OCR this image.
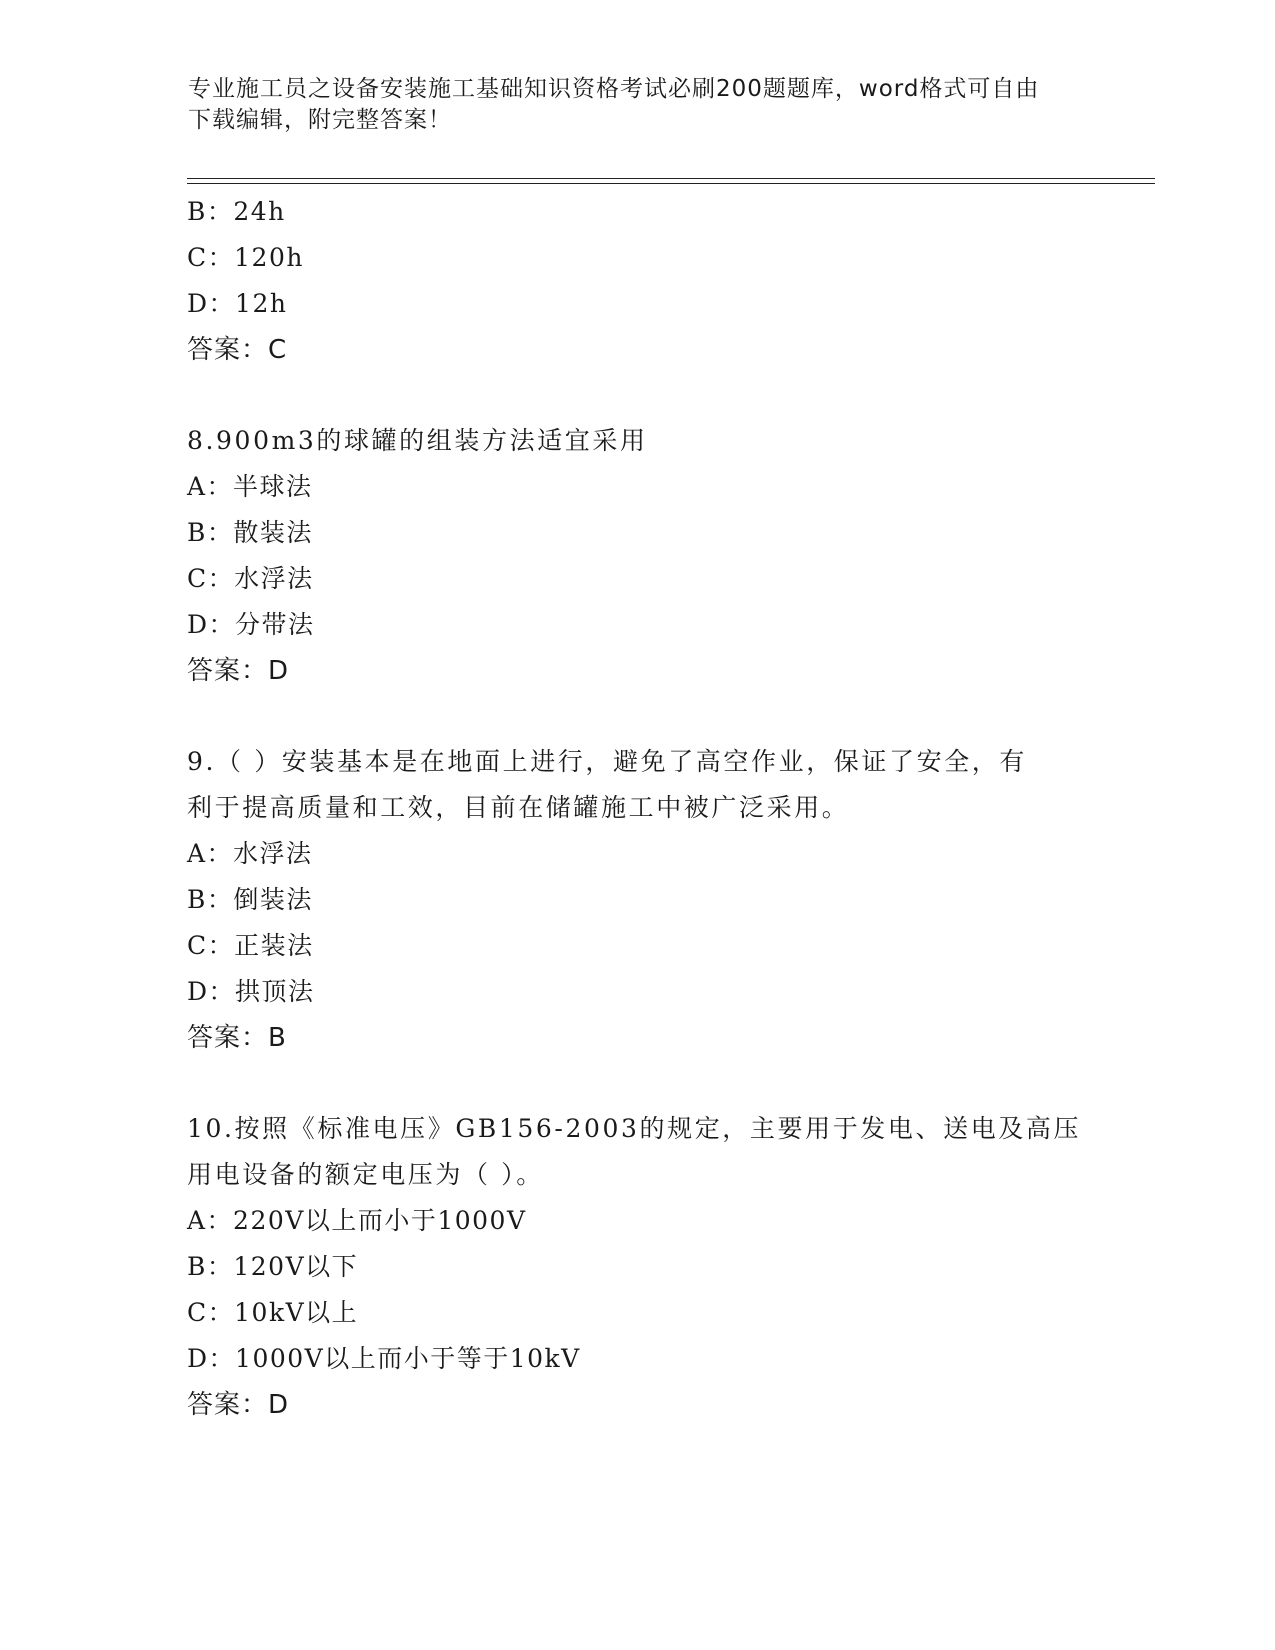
专业施工员之设备安装施工基础知识资格考试必刷200题题库，word格式可自由
下载编辑，附完整答案！
B：24h
C：120h
D：12h
答案：C
8.900m3的球罐的组装方法适宜采用
A：半球法
B：散装法
C：水浮法
D：分带法
答案：D
9.（ ）安装基本是在地面上进行，避免了高空作业，保证了安全，有
利于提高质量和工效，目前在储罐施工中被广泛采用。
A：水浮法
B：倒装法
C：正装法
D：拱顶法
答案：B
10.按照《标准电压》GB156-2003的规定，主要用于发电、送电及高压
用电设备的额定电压为（ ）。
A：220V以上而小于1000V
B：120V以下
C：10kV以上
D：1000V以上而小于等于10kV
答案：D
